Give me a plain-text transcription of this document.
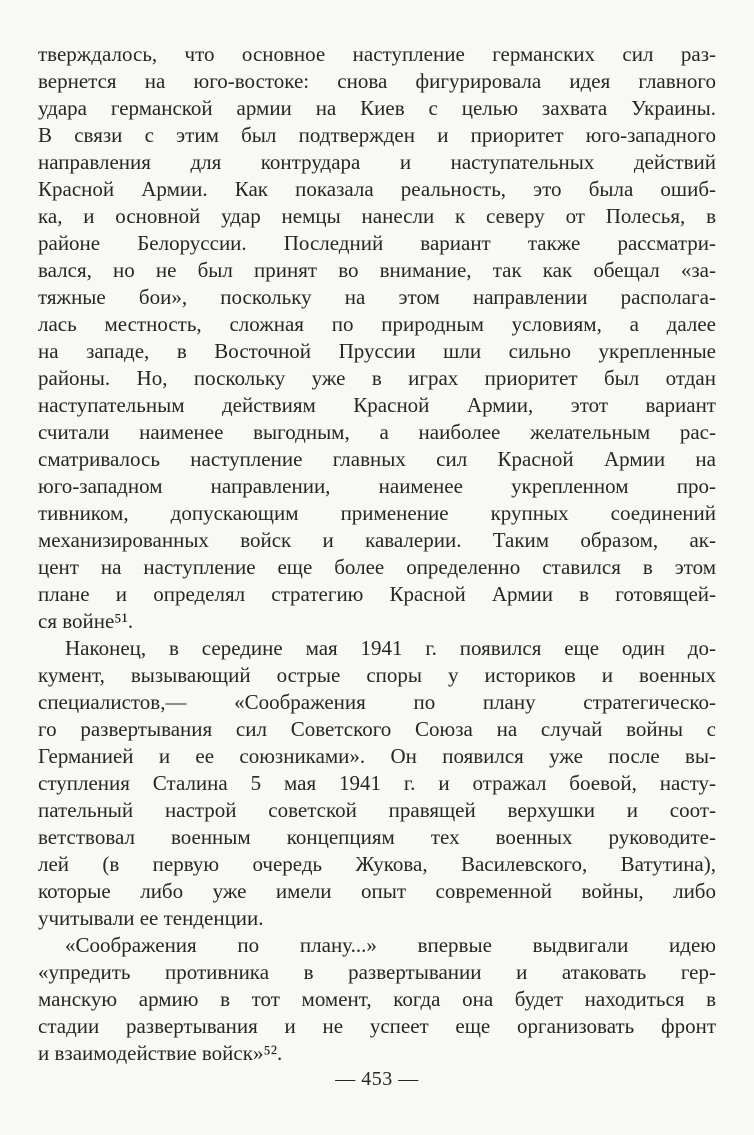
тверждалось, что основное наступление германских сил раз-
вернется на юго-востоке: снова фигурировала идея главного
удара германской армии на Киев с целью захвата Украины.
В связи с этим был подтвержден и приоритет юго-западного
направления для контрудара и наступательных действий
Красной Армии. Как показала реальность, это была ошиб-
ка, и основной удар немцы нанесли к северу от Полесья, в
районе Белоруссии. Последний вариант также рассматри-
вался, но не был принят во внимание, так как обещал «за-
тяжные бои», поскольку на этом направлении располага-
лась местность, сложная по природным условиям, а далее
на западе, в Восточной Пруссии шли сильно укрепленные
районы. Но, поскольку уже в играх приоритет был отдан
наступательным действиям Красной Армии, этот вариант
считали наименее выгодным, а наиболее желательным рас-
сматривалось наступление главных сил Красной Армии на
юго-западном направлении, наименее укрепленном про-
тивником, допускающим применение крупных соединений
механизированных войск и кавалерии. Таким образом, ак-
цент на наступление еще более определенно ставился в этом
плане и определял стратегию Красной Армии в готовящей-
ся войне⁵¹.
Наконец, в середине мая 1941 г. появился еще один до-
кумент, вызывающий острые споры у историков и военных
специалистов,— «Соображения по плану стратегическо-
го развертывания сил Советского Союза на случай войны с
Германией и ее союзниками». Он появился уже после вы-
ступления Сталина 5 мая 1941 г. и отражал боевой, насту-
пательный настрой советской правящей верхушки и соот-
ветствовал военным концепциям тех военных руководите-
лей (в первую очередь Жукова, Василевского, Ватутина),
которые либо уже имели опыт современной войны, либо
учитывали ее тенденции.
«Соображения по плану...» впервые выдвигали идею
«упредить противника в развертывании и атаковать гер-
манскую армию в тот момент, когда она будет находиться в
стадии развертывания и не успеет еще организовать фронт
и взаимодействие войск»⁵².
— 453 —
